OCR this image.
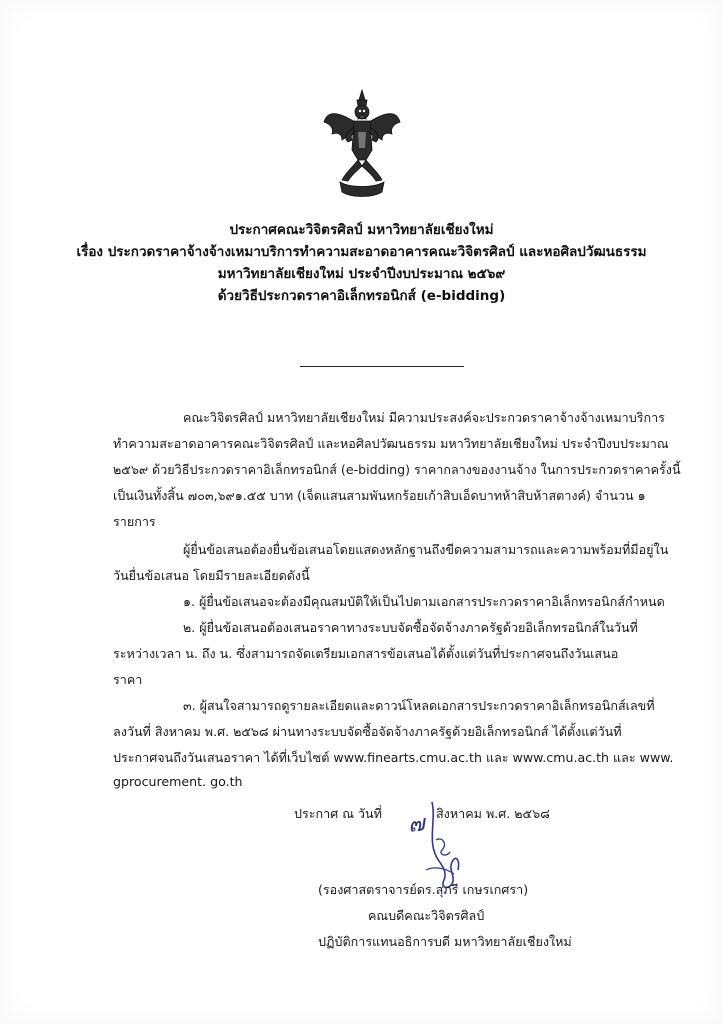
ประกาศคณะวิจิตรศิลป์ มหาวิทยาลัยเชียงใหม่
เรื่อง ประกวดราคาจ้างจ้างเหมาบริการทำความสะอาดอาคารคณะวิจิตรศิลป์ และหอศิลปวัฒนธรรม
มหาวิทยาลัยเชียงใหม่ ประจำปีงบประมาณ ๒๕๖๙
ด้วยวิธีประกวดราคาอิเล็กทรอนิกส์ (e-bidding)
คณะวิจิตรศิลป์ มหาวิทยาลัยเชียงใหม่ มีความประสงค์จะประกวดราคาจ้างจ้างเหมาบริการ
ทำความสะอาดอาคารคณะวิจิตรศิลป์ และหอศิลปวัฒนธรรม มหาวิทยาลัยเชียงใหม่ ประจำปีงบประมาณ
๒๕๖๙ ด้วยวิธีประกวดราคาอิเล็กทรอนิกส์ (e-bidding) ราคากลางของงานจ้าง ในการประกวดราคาครั้งนี้
เป็นเงินทั้งสิ้น ๗๐๓,๖๙๑.๕๕ บาท (เจ็ดแสนสามพันหกร้อยเก้าสิบเอ็ดบาทห้าสิบห้าสตางค์) จำนวน ๑
รายการ
ผู้ยื่นข้อเสนอต้องยื่นข้อเสนอโดยแสดงหลักฐานถึงขีดความสามารถและความพร้อมที่มีอยู่ใน
วันยื่นข้อเสนอ โดยมีรายละเอียดดังนี้
๑. ผู้ยื่นข้อเสนอจะต้องมีคุณสมบัติให้เป็นไปตามเอกสารประกวดราคาอิเล็กทรอนิกส์กำหนด
๒. ผู้ยื่นข้อเสนอต้องเสนอราคาทางระบบจัดซื้อจัดจ้างภาครัฐด้วยอิเล็กทรอนิกส์ในวันที่
ระหว่างเวลา น. ถึง น. ซึ่งสามารถจัดเตรียมเอกสารข้อเสนอได้ตั้งแต่วันที่ประกาศจนถึงวันเสนอ
ราคา
๓. ผู้สนใจสามารถดูรายละเอียดและดาวน์โหลดเอกสารประกวดราคาอิเล็กทรอนิกส์เลขที่
ลงวันที่ สิงหาคม พ.ศ. ๒๕๖๘ ผ่านทางระบบจัดซื้อจัดจ้างภาครัฐด้วยอิเล็กทรอนิกส์ ได้ตั้งแต่วันที่
ประกาศจนถึงวันเสนอราคา ได้ที่เว็บไซต์ www.finearts.cmu.ac.th และ www.cmu.ac.th และ www.
gprocurement. go.th
ประกาศ ณ วันที่ ๗ สิงหาคม พ.ศ. ๒๕๖๘
(รองศาสตราจารย์ดร.สุภรี เกษรเกศรา)
คณบดีคณะวิจิตรศิลป์
ปฏิบัติการแทนอธิการบดี มหาวิทยาลัยเชียงใหม่
